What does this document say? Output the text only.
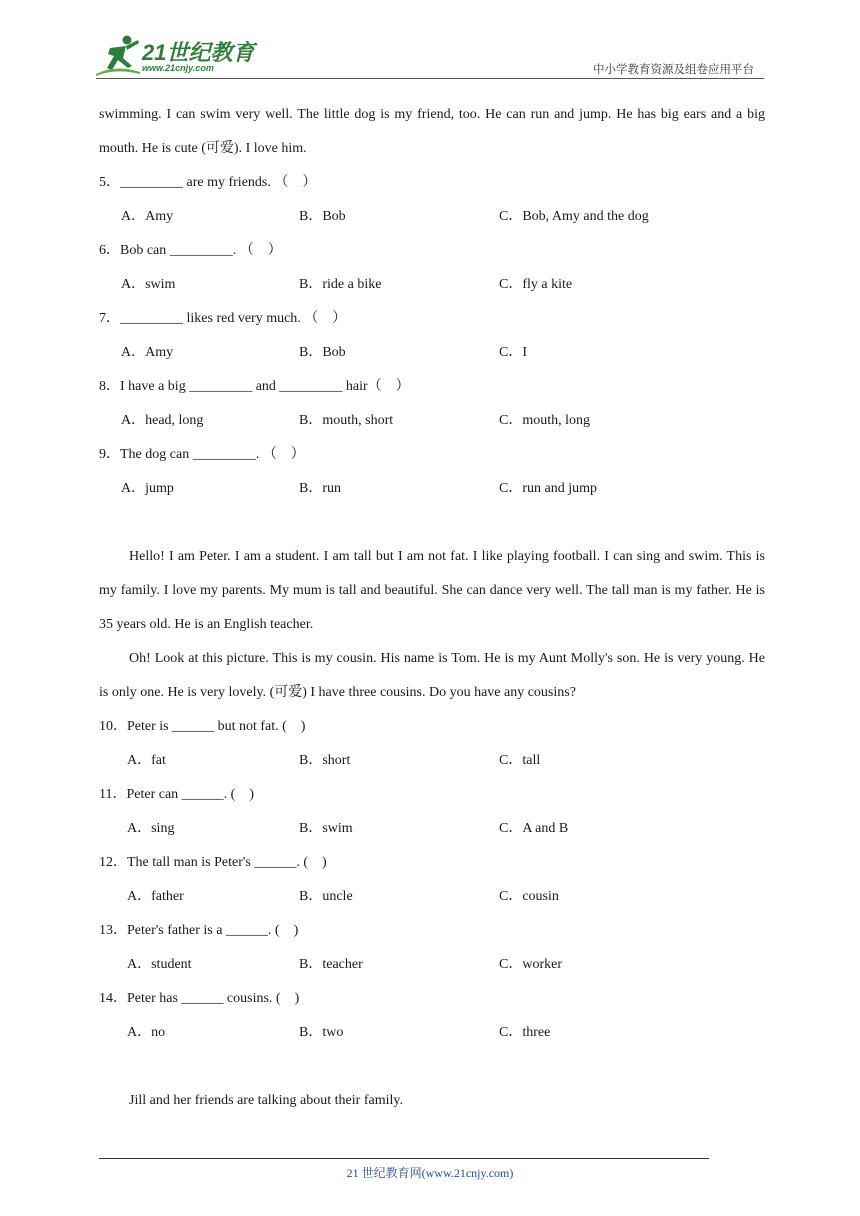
21世纪教育
www.21cnjy.com	中小学教育资源及组卷应用平台
swimming. I can swim very well. The little dog is my friend, too. He can run and jump. He has big ears and a big mouth. He is cute (可爱). I love him.
5．_________ are my friends. （　）
A．Amy	B．Bob	C．Bob, Amy and the dog
6．Bob can _________. （　）
A．swim	B．ride a bike	C．fly a kite
7．_________ likes red very much. （　）
A．Amy	B．Bob	C．I
8．I have a big _________ and _________ hair（　）
A．head, long	B．mouth, short	C．mouth, long
9．The dog can _________. （　）
A．jump	B．run	C．run and jump
Hello! I am Peter. I am a student. I am tall but I am not fat. I like playing football. I can sing and swim. This is my family. I love my parents. My mum is tall and beautiful. She can dance very well. The tall man is my father. He is 35 years old. He is an English teacher.
Oh! Look at this picture. This is my cousin. His name is Tom. He is my Aunt Molly's son. He is very young. He is only one. He is very lovely. (可爱) I have three cousins. Do you have any cousins?
10．Peter is ______ but not fat. (　)
A．fat	B．short	C．tall
11．Peter can ______. (　)
A．sing	B．swim	C．A and B
12．The tall man is Peter's ______. (　)
A．father	B．uncle	C．cousin
13．Peter's father is a ______. (　)
A．student	B．teacher	C．worker
14．Peter has ______ cousins. (　)
A．no	B．two	C．three
Jill and her friends are talking about their family.
21 世纪教育网(www.21cnjy.com)
